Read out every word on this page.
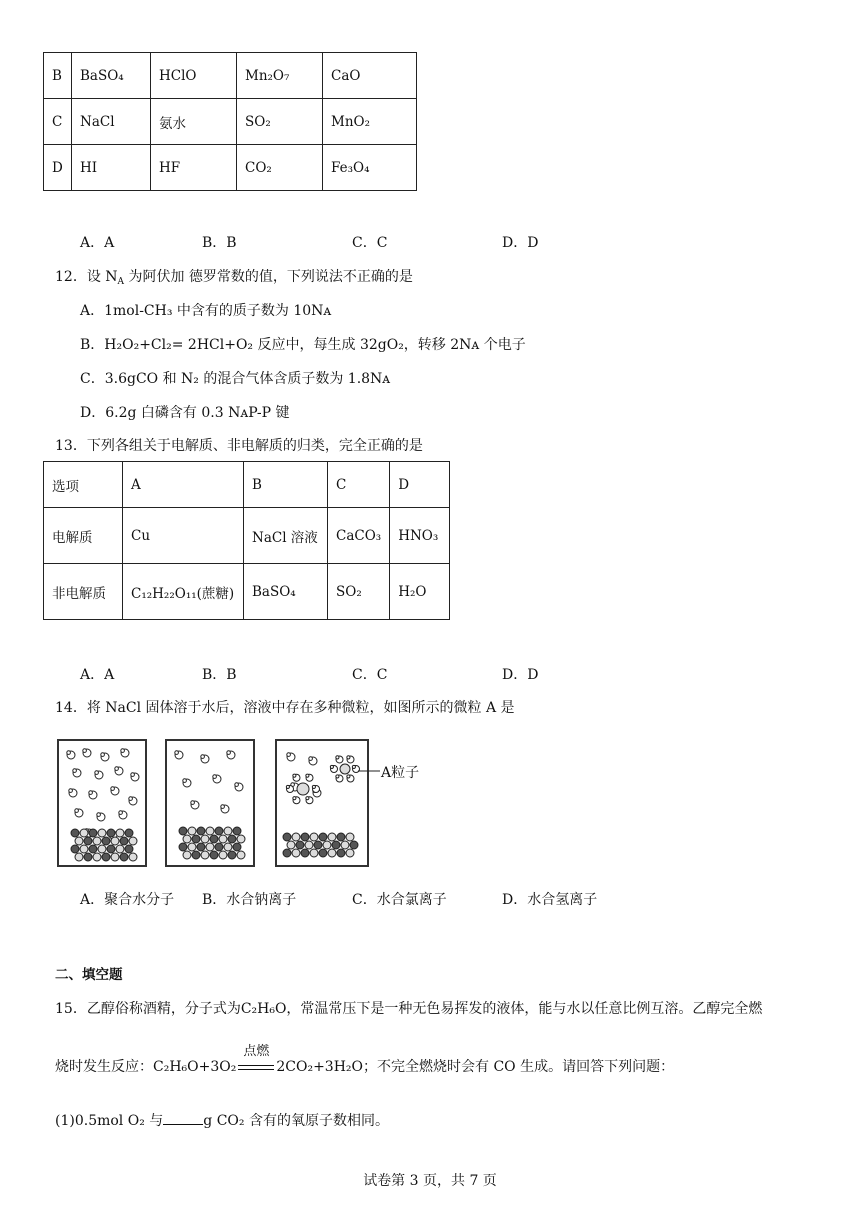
B	BaSO₄	HClO	Mn₂O₇	CaO
C	NaCl	氨水	SO₂	MnO₂
D	HI	HF	CO₂	Fe₃O₄
A．A	B．B	C．C	D．D
12．设 $N_A$ 为阿伏加 德罗常数的值，下列说法不正确的是
A．1mol-CH₃ 中含有的质子数为 10Nᴀ
B．H₂O₂+Cl₂= 2HCl+O₂ 反应中，每生成 32gO₂，转移 2Nᴀ 个电子
C．3.6gCO 和 N₂ 的混合气体含质子数为 1.8Nᴀ
D．6.2g 白磷含有 0.3 NᴀP-P 键
13．下列各组关于电解质、非电解质的归类，完全正确的是
选项	A	B	C	D
电解质	Cu	NaCl 溶液	CaCO₃	HNO₃
非电解质	C₁₂H₂₂O₁₁(蔗糖)	BaSO₄	SO₂	H₂O
A．A	B．B	C．C	D．D
14．将 NaCl 固体溶于水后，溶液中存在多种微粒，如图所示的微粒 A 是
A粒子
A．聚合水分子 B．水合钠离子	C．水合氯离子	D．水合氢离子
二、填空题
15．乙醇俗称酒精，分子式为C₂H₆O，常温常压下是一种无色易挥发的液体，能与水以任意比例互溶。乙醇完全燃
烧时发生反应：C₂H₆O+3O₂
点燃
2CO₂+3H₂O；不完全燃烧时会有 CO 生成。请回答下列问题：
(1)0.5mol O₂ 与	g CO₂ 含有的氧原子数相同。
试卷第 3 页，共 7 页
